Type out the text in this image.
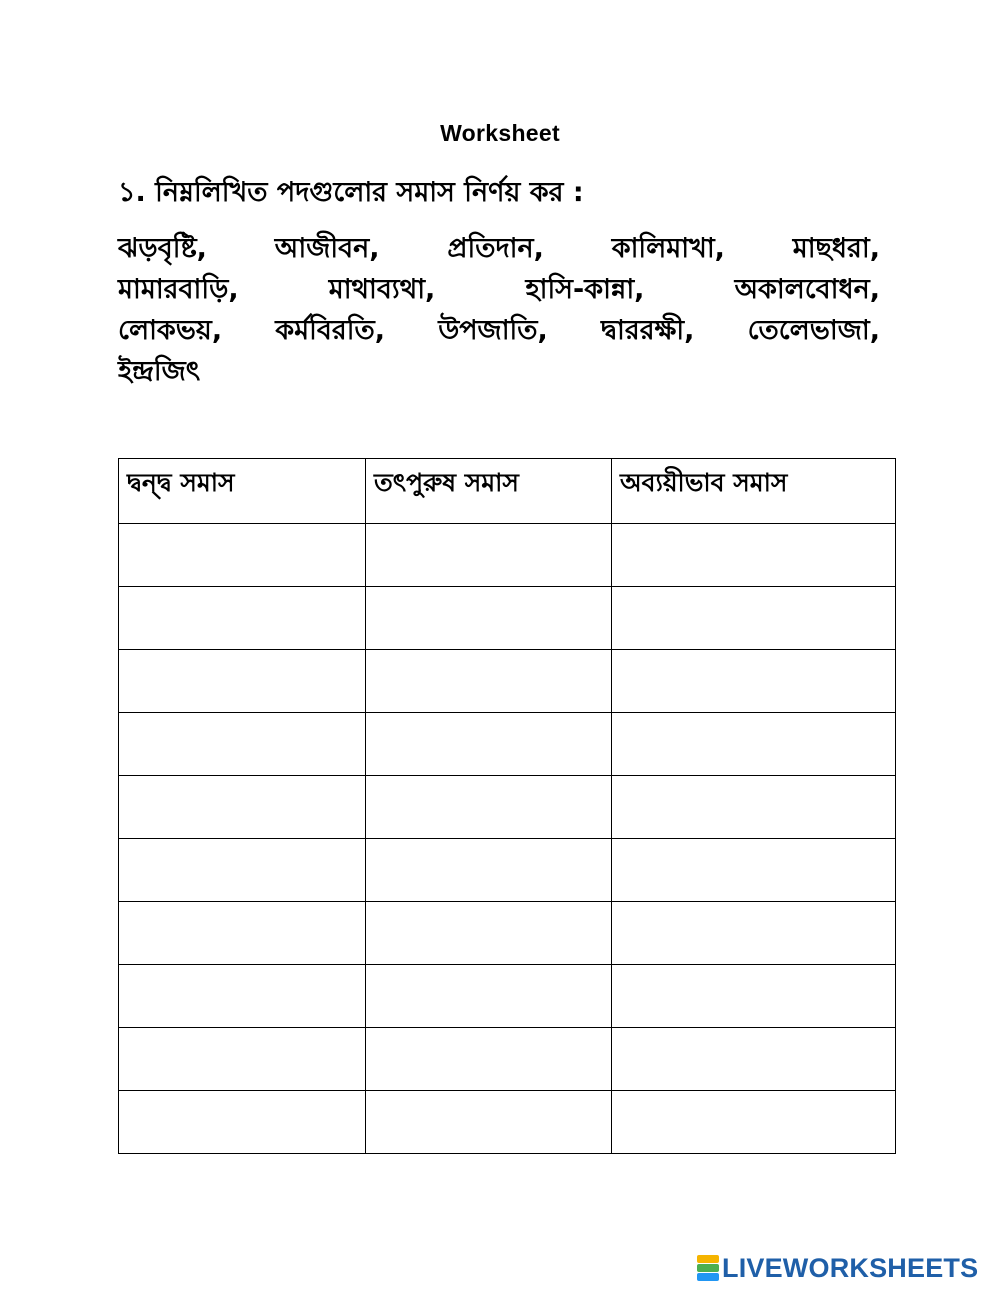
Worksheet
১. নিম্নলিখিত পদগুলোর সমাস নির্ণয় কর :
ঝড়বৃষ্টি,	আজীবন,	প্রতিদান,	কালিমাখা,	মাছধরা,
মামারবাড়ি,	মাথাব্যথা,	হাসি-কান্না,	অকালবোধন,
লোকভয়, কর্মবিরতি, উপজাতি, দ্বাররক্ষী, তেলেভাজা,
ইন্দ্রজিৎ
দ্বন্দ্ব সমাস	তৎপুরুষ সমাস	অব্যয়ীভাব সমাস

LIVEWORKSHEETS
